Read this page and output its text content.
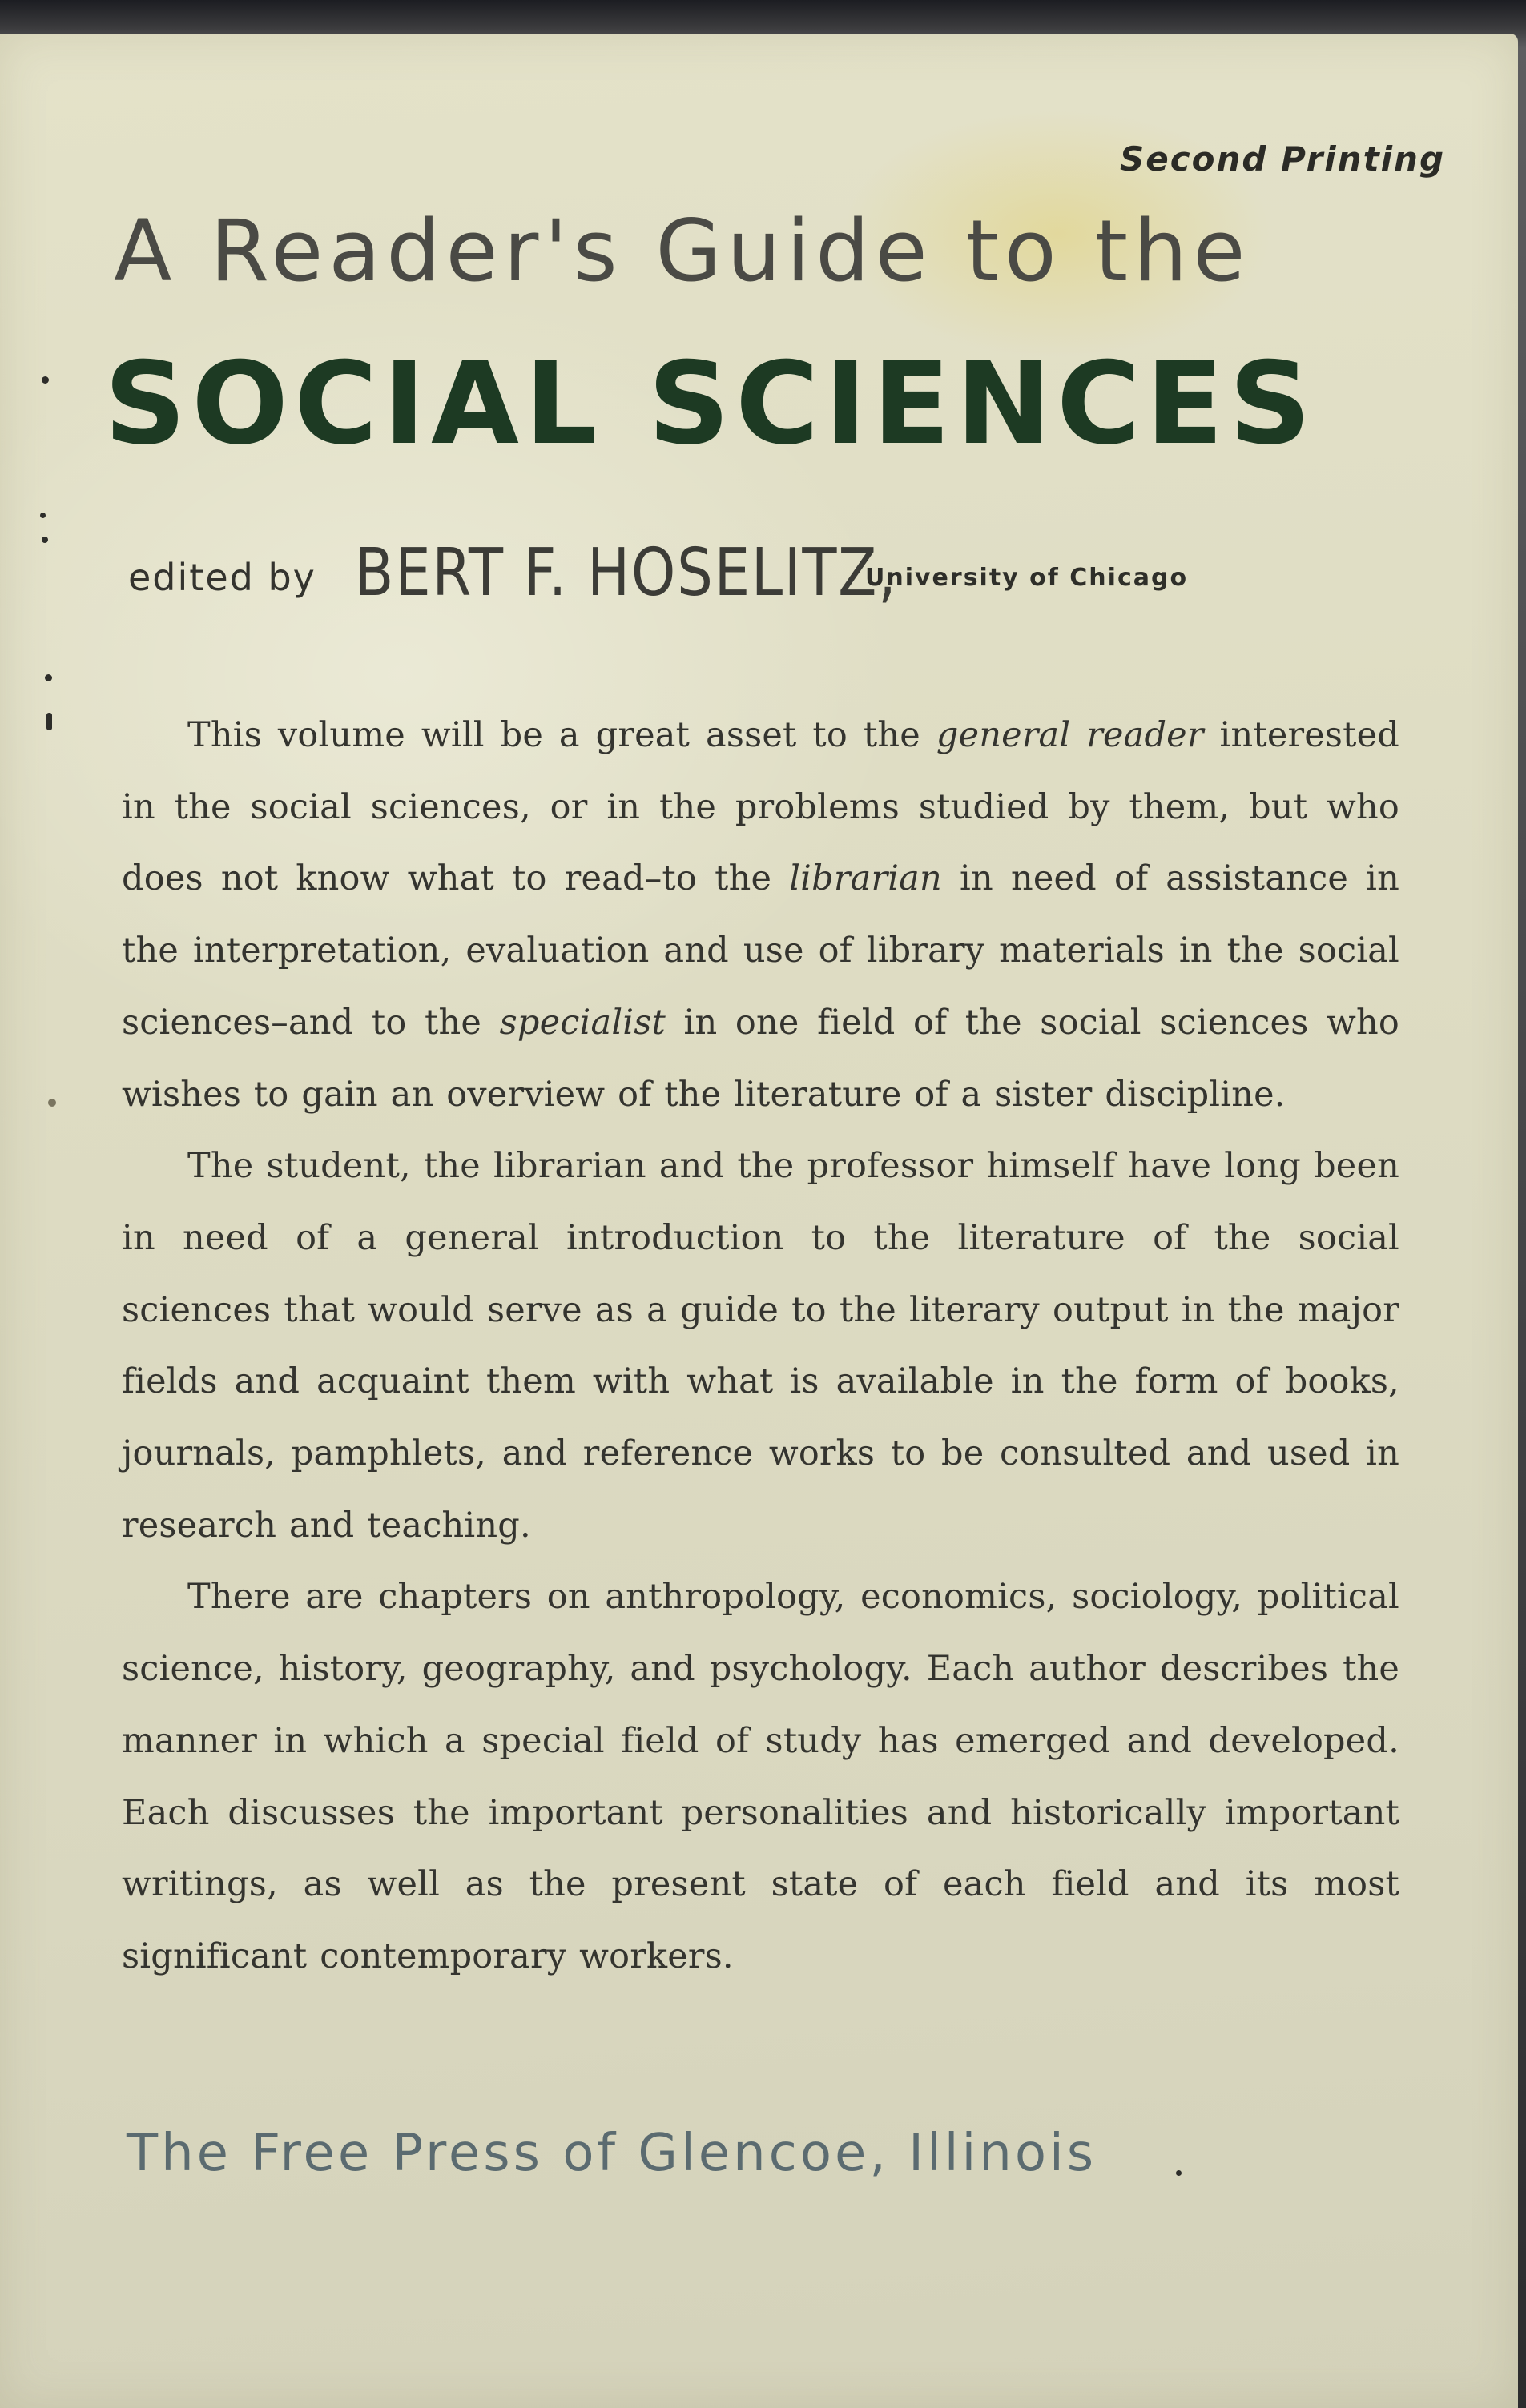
Second Printing
A Reader's Guide to the
SOCIAL SCIENCES
edited by BERT F. HOSELITZ,
University of Chicago

This volume will be a great asset to the general reader interested in the social sciences, or in the problems studied by them, but who does not know what to read–to the librarian in need of assistance in the interpretation, evaluation and use of library materials in the social sciences–and to the specialist in one field of the social sciences who wishes to gain an overview of the literature of a sister discipline.

The student, the librarian and the professor himself have long been in need of a general introduction to the literature of the social sciences that would serve as a guide to the literary output in the major fields and acquaint them with what is available in the form of books, journals, pamphlets, and reference works to be consulted and used in research and teaching.

There are chapters on anthropology, economics, sociology, political science, history, geography, and psychology. Each author describes the manner in which a special field of study has emerged and developed. Each discusses the important personalities and historically important writings, as well as the present state of each field and its most significant contemporary workers.

The Free Press of Glencoe, Illinois
